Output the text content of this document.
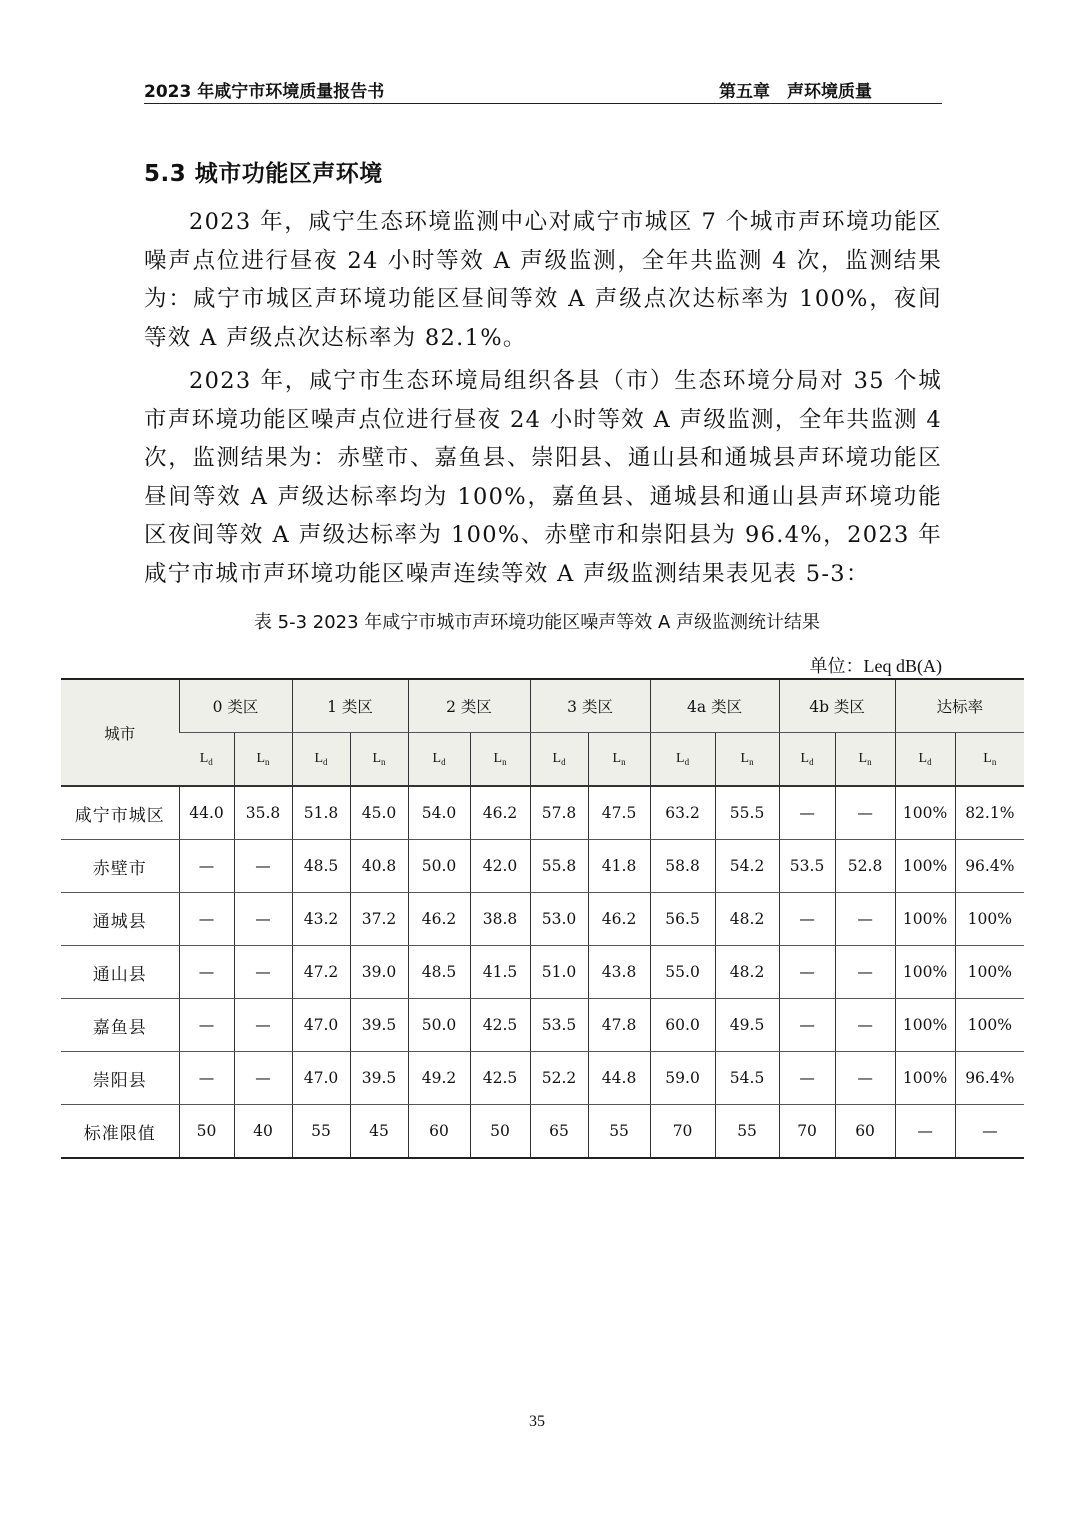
2023 年咸宁市环境质量报告书	第五章　声环境质量
5.3 城市功能区声环境

2023 年，咸宁生态环境监测中心对咸宁市城区 7 个城市声环境功能区噪声点位进行昼夜 24 小时等效 A 声级监测，全年共监测 4 次，监测结果为：咸宁市城区声环境功能区昼间等效 A 声级点次达标率为 100%，夜间等效 A 声级点次达标率为 82.1%。

2023 年，咸宁市生态环境局组织各县（市）生态环境分局对 35 个城市声环境功能区噪声点位进行昼夜 24 小时等效 A 声级监测，全年共监测 4 次，监测结果为：赤壁市、嘉鱼县、崇阳县、通山县和通城县声环境功能区昼间等效 A 声级达标率均为 100%，嘉鱼县、通城县和通山县声环境功能区夜间等效 A 声级达标率为 100%、赤壁市和崇阳县为 96.4%，2023 年咸宁市城市声环境功能区噪声连续等效 A 声级监测结果表见表 5-3：

表 5-3 2023 年咸宁市城市声环境功能区噪声等效 A 声级监测统计结果
单位：Leq dB(A)
城市	0 类区		1 类区		2 类区		3 类区		4a 类区		4b 类区		达标率	
	$L_d$	$L_n$	$L_d$	$L_n$	$L_d$	$L_n$	$L_d$	$L_n$	$L_d$	$L_n$	$L_d$	$L_n$	$L_d$	$L_n$
咸宁市城区	44.0	35.8	51.8	45.0	54.0	46.2	57.8	47.5	63.2	55.5	—	—	100%	82.1%
赤壁市	—	—	48.5	40.8	50.0	42.0	55.8	41.8	58.8	54.2	53.5	52.8	100%	96.4%
通城县	—	—	43.2	37.2	46.2	38.8	53.0	46.2	56.5	48.2	—	—	100%	100%
通山县	—	—	47.2	39.0	48.5	41.5	51.0	43.8	55.0	48.2	—	—	100%	100%
嘉鱼县	—	—	47.0	39.5	50.0	42.5	53.5	47.8	60.0	49.5	—	—	100%	100%
崇阳县	—	—	47.0	39.5	49.2	42.5	52.2	44.8	59.0	54.5	—	—	100%	96.4%
标准限值	50	40	55	45	60	50	65	55	70	55	70	60	—	—
35
